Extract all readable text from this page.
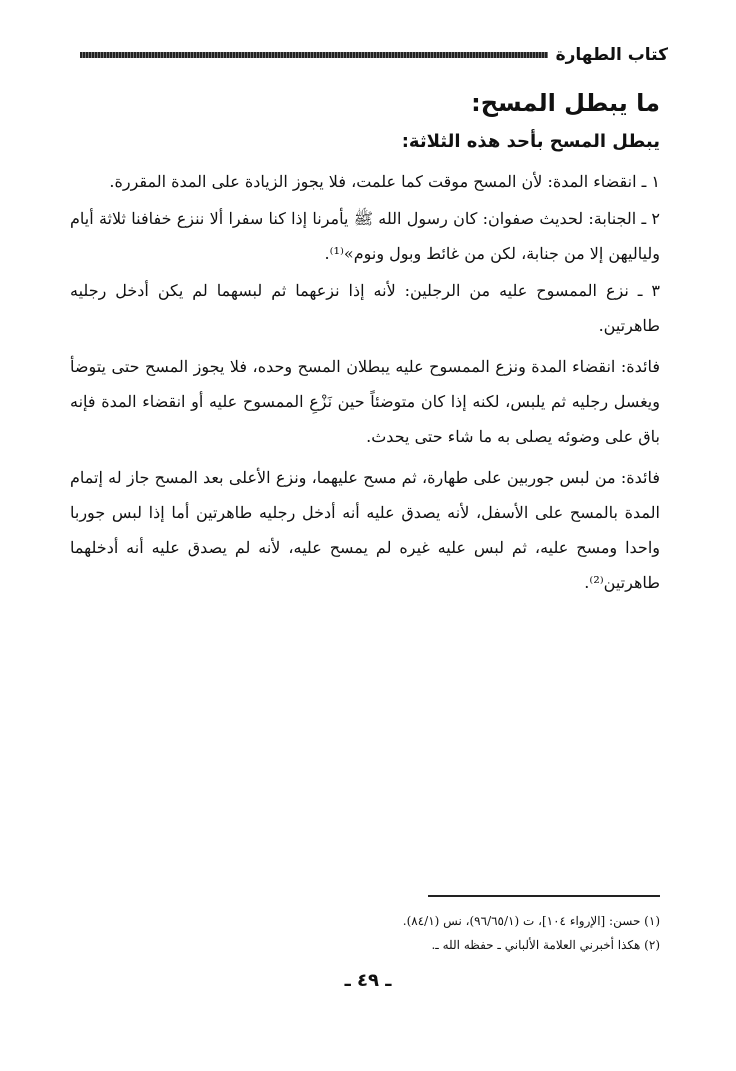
كتاب الطهارة
ما يبطل المسح:
يبطل المسح بأحد هذه الثلاثة:

١ ـ انقضاء المدة: لأن المسح موقت كما علمت، فلا يجوز الزيادة على المدة المقررة.

٢ ـ الجنابة: لحديث صفوان: كان رسول الله ﷺ يأمرنا إذا كنا سفرا ألا ننزع خفافنا ثلاثة أيام ولياليهن إلا من جنابة، لكن من غائط وبول ونوم»⁽¹⁾.

٣ ـ نزع الممسوح عليه من الرجلين: لأنه إذا نزعهما ثم لبسهما لم يكن أدخل رجليه طاهرتين.

فائدة: انقضاء المدة ونزع الممسوح عليه يبطلان المسح وحده، فلا يجوز المسح حتى يتوضأ ويغسل رجليه ثم يلبس، لكنه إذا كان متوضئاً حين نَزْعِ الممسوح عليه أو انقضاء المدة فإنه باق على وضوئه يصلى به ما شاء حتى يحدث.

فائدة: من لبس جوربين على طهارة، ثم مسح عليهما، ونزع الأعلى بعد المسح جاز له إتمام المدة بالمسح على الأسفل، لأنه يصدق عليه أنه أدخل رجليه طاهرتين أما إذا لبس جوربا واحدا ومسح عليه، ثم لبس عليه غيره لم يمسح عليه، لأنه لم يصدق عليه أنه أدخلهما طاهرتين⁽²⁾.

(١) حسن: [الإرواء ١٠٤]، ت (٩٦/٦٥/١)، نس (٨٤/١).

(٢) هكذا أخبرني العلامة الألباني ـ حفظه الله ـ.

ـ ٤٩ ـ
